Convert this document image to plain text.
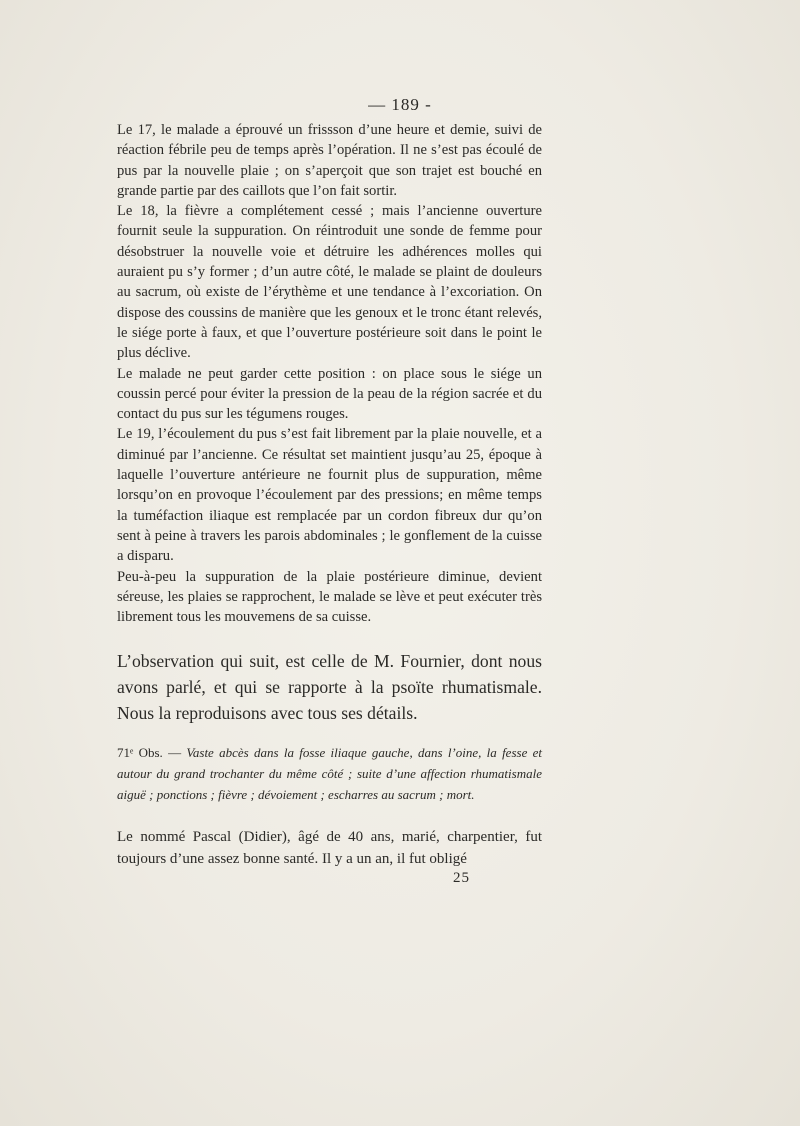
— 189 -

Le 17, le malade a éprouvé un frissson d’une heure et demie, suivi de réaction fébrile peu de temps après l’opération. Il ne s’est pas écoulé de pus par la nouvelle plaie ; on s’aperçoit que son trajet est bouché en grande partie par des caillots que l’on fait sortir.

Le 18, la fièvre a complétement cessé ; mais l’ancienne ouverture fournit seule la suppuration. On réintroduit une sonde de femme pour désobstruer la nouvelle voie et détruire les adhérences molles qui auraient pu s’y former ; d’un autre côté, le malade se plaint de douleurs au sacrum, où existe de l’érythème et une tendance à l’excoriation. On dispose des coussins de manière que les genoux et le tronc étant relevés, le siége porte à faux, et que l’ouverture postérieure soit dans le point le plus déclive.

Le malade ne peut garder cette position : on place sous le siége un coussin percé pour éviter la pression de la peau de la région sacrée et du contact du pus sur les tégumens rouges.

Le 19, l’écoulement du pus s’est fait librement par la plaie nouvelle, et a diminué par l’ancienne. Ce résultat set maintient jusqu’au 25, époque à laquelle l’ouverture antérieure ne fournit plus de suppuration, même lorsqu’on en provoque l’écoulement par des pressions; en même temps la tuméfaction iliaque est remplacée par un cordon fibreux dur qu’on sent à peine à travers les parois abdominales ; le gonflement de la cuisse a disparu.

Peu-à-peu la suppuration de la plaie postérieure diminue, devient séreuse, les plaies se rapprochent, le malade se lève et peut exécuter très librement tous les mouvemens de sa cuisse.

L’observation qui suit, est celle de M. Fournier, dont nous avons parlé, et qui se rapporte à la psoïte rhumatismale. Nous la reproduisons avec tous ses détails.
71ᵉ Obs. — Vaste abcès dans la fosse iliaque gauche, dans l’oine, la fesse et autour du grand trochanter du même côté ; suite d’une affection rhumatismale aiguë ; ponctions ; fièvre ; dévoiement ; escharres au sacrum ; mort.
Le nommé Pascal (Didier), âgé de 40 ans, marié, charpentier, fut toujours d’une assez bonne santé. Il y a un an, il fut obligé
25
